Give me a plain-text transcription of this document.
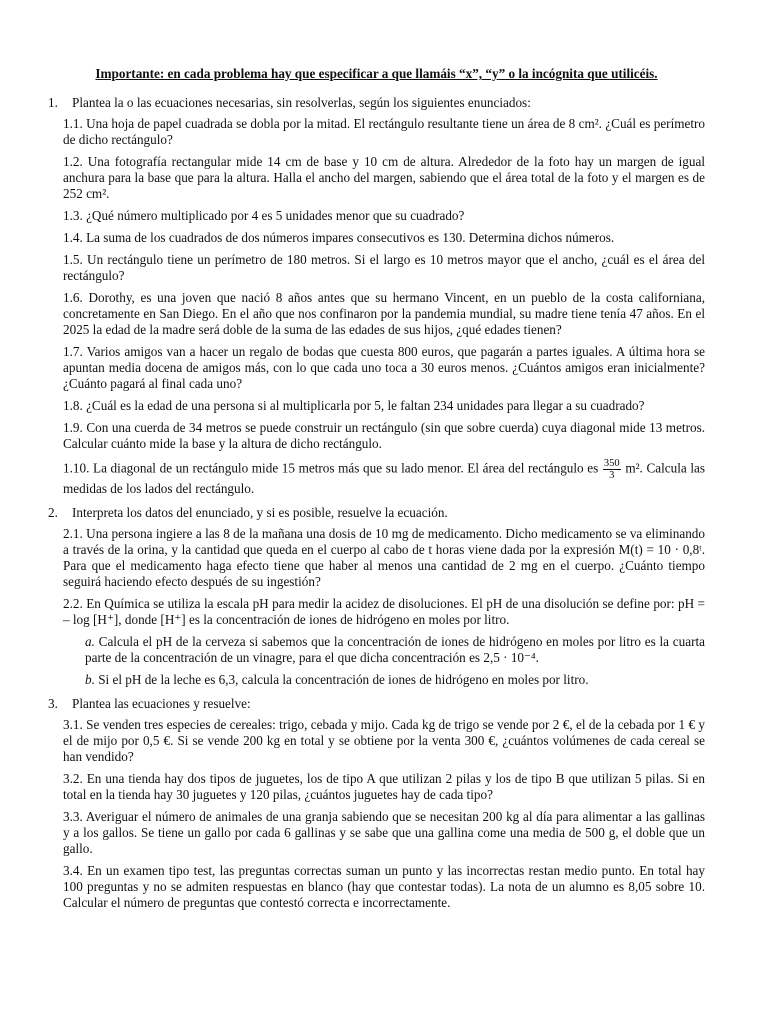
Importante: en cada problema hay que especificar a que llamáis “x”, “y” o la incógnita que utilicéis.
1.	Plantea la o las ecuaciones necesarias, sin resolverlas, según los siguientes enunciados:
1.1. Una hoja de papel cuadrada se dobla por la mitad. El rectángulo resultante tiene un área de 8 cm². ¿Cuál es perímetro de dicho rectángulo?
1.2. Una fotografía rectangular mide 14 cm de base y 10 cm de altura. Alrededor de la foto hay un margen de igual anchura para la base que para la altura. Halla el ancho del margen, sabiendo que el área total de la foto y el margen es de 252 cm².
1.3. ¿Qué número multiplicado por 4 es 5 unidades menor que su cuadrado?
1.4. La suma de los cuadrados de dos números impares consecutivos es 130. Determina dichos números.
1.5. Un rectángulo tiene un perímetro de 180 metros. Si el largo es 10 metros mayor que el ancho, ¿cuál es el área del rectángulo?
1.6. Dorothy, es una joven que nació 8 años antes que su hermano Vincent, en un pueblo de la costa californiana, concretamente en San Diego. En el año que nos confinaron por la pandemia mundial, su madre tiene tenía 47 años. En el 2025 la edad de la madre será doble de la suma de las edades de sus hijos, ¿qué edades tienen?
1.7. Varios amigos van a hacer un regalo de bodas que cuesta 800 euros, que pagarán a partes iguales. A última hora se apuntan media docena de amigos más, con lo que cada uno toca a 30 euros menos. ¿Cuántos amigos eran inicialmente? ¿Cuánto pagará al final cada uno?
1.8. ¿Cuál es la edad de una persona si al multiplicarla por 5, le faltan 234 unidades para llegar a su cuadrado?
1.9. Con una cuerda de 34 metros se puede construir un rectángulo (sin que sobre cuerda) cuya diagonal mide 13 metros. Calcular cuánto mide la base y la altura de dicho rectángulo.
1.10. La diagonal de un rectángulo mide 15 metros más que su lado menor. El área del rectángulo es $\frac{350}{3} m^2$. Calcula las medidas de los lados del rectángulo.
2.	Interpreta los datos del enunciado, y si es posible, resuelve la ecuación.
2.1. Una persona ingiere a las 8 de la mañana una dosis de 10 mg de medicamento. Dicho medicamento se va eliminando a través de la orina, y la cantidad que queda en el cuerpo al cabo de t horas viene dada por la expresión M(t) = 10 · 0,8ᵗ. Para que el medicamento haga efecto tiene que haber al menos una cantidad de 2 mg en el cuerpo. ¿Cuánto tiempo seguirá haciendo efecto después de su ingestión?
2.2. En Química se utiliza la escala pH para medir la acidez de disoluciones. El pH de una disolución se define por: pH = – log [H⁺], donde [H⁺] es la concentración de iones de hidrógeno en moles por litro.
a. Calcula el pH de la cerveza si sabemos que la concentración de iones de hidrógeno en moles por litro es la cuarta parte de la concentración de un vinagre, para el que dicha concentración es 2,5 · 10⁻⁴.
b. Si el pH de la leche es 6,3, calcula la concentración de iones de hidrógeno en moles por litro.
3.	Plantea las ecuaciones y resuelve:
3.1. Se venden tres especies de cereales: trigo, cebada y mijo. Cada kg de trigo se vende por 2 €, el de la cebada por 1 € y el de mijo por 0,5 €. Si se vende 200 kg en total y se obtiene por la venta 300 €, ¿cuántos volúmenes de cada cereal se han vendido?
3.2. En una tienda hay dos tipos de juguetes, los de tipo A que utilizan 2 pilas y los de tipo B que utilizan 5 pilas. Si en total en la tienda hay 30 juguetes y 120 pilas, ¿cuántos juguetes hay de cada tipo?
3.3. Averiguar el número de animales de una granja sabiendo que se necesitan 200 kg al día para alimentar a las gallinas y a los gallos. Se tiene un gallo por cada 6 gallinas y se sabe que una gallina come una media de 500 g, el doble que un gallo.
3.4. En un examen tipo test, las preguntas correctas suman un punto y las incorrectas restan medio punto. En total hay 100 preguntas y no se admiten respuestas en blanco (hay que contestar todas). La nota de un alumno es 8,05 sobre 10. Calcular el número de preguntas que contestó correcta e incorrectamente.
